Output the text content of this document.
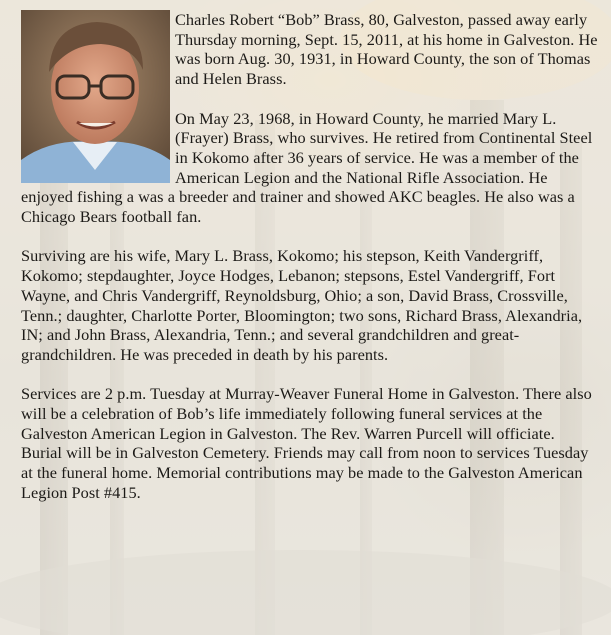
Charles Robert “Bob” Brass, 80, Galveston, passed away early Thursday morning, Sept. 15, 2011, at his home in Galveston. He was born Aug. 30, 1931, in Howard County, the son of Thomas and Helen Brass.

On May 23, 1968, in Howard County, he married Mary L. (Frayer) Brass, who survives. He retired from Continental Steel in Kokomo after 36 years of service. He was a member of the American Legion and the National Rifle Association. He enjoyed fishing a was a breeder and trainer and showed AKC beagles. He also was a Chicago Bears football fan.

Surviving are his wife, Mary L. Brass, Kokomo; his stepson, Keith Vandergriff, Kokomo; stepdaughter, Joyce Hodges, Lebanon; stepsons, Estel Vandergriff, Fort Wayne, and Chris Vandergriff, Reynoldsburg, Ohio; a son, David Brass, Crossville, Tenn.; daughter, Charlotte Porter, Bloomington; two sons, Richard Brass, Alexandria, IN; and John Brass, Alexandria, Tenn.; and several grandchildren and great-grandchildren. He was preceded in death by his parents.

Services are 2 p.m. Tuesday at Murray-Weaver Funeral Home in Galveston. There also will be a celebration of Bob’s life immediately following funeral services at the Galveston American Legion in Galveston. The Rev. Warren Purcell will officiate. Burial will be in Galveston Cemetery. Friends may call from noon to services Tuesday at the funeral home. Memorial contributions may be made to the Galveston American Legion Post #415.
